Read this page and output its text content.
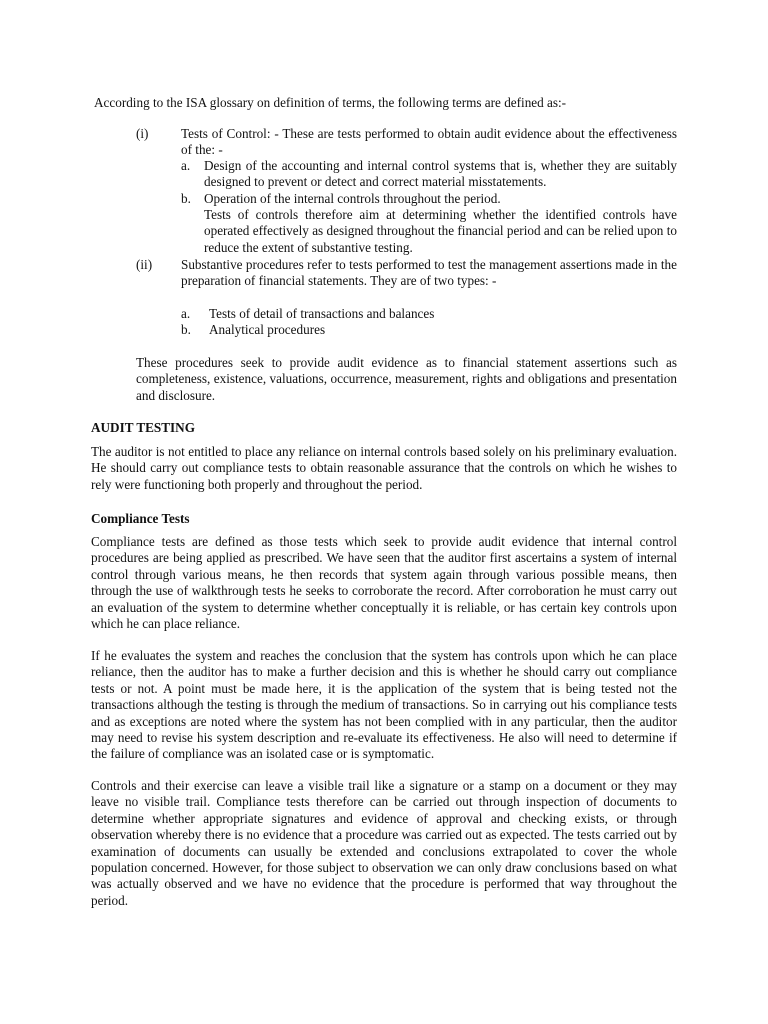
According to the ISA glossary on definition of terms, the following terms are defined as:-
(i) Tests of Control: - These are tests performed to obtain audit evidence about the effectiveness of the: -
a. Design of the accounting and internal control systems that is, whether they are suitably designed to prevent or detect and correct material misstatements.
b. Operation of the internal controls throughout the period.
Tests of controls therefore aim at determining whether the identified controls have operated effectively as designed throughout the financial period and can be relied upon to reduce the extent of substantive testing.
(ii) Substantive procedures refer to tests performed to test the management assertions made in the preparation of financial statements. They are of two types: -
a. Tests of detail of transactions and balances
b. Analytical procedures
These procedures seek to provide audit evidence as to financial statement assertions such as completeness, existence, valuations, occurrence, measurement, rights and obligations and presentation and disclosure.
AUDIT TESTING
The auditor is not entitled to place any reliance on internal controls based solely on his preliminary evaluation. He should carry out compliance tests to obtain reasonable assurance that the controls on which he wishes to rely were functioning both properly and throughout the period.
Compliance Tests
Compliance tests are defined as those tests which seek to provide audit evidence that internal control procedures are being applied as prescribed. We have seen that the auditor first ascertains a system of internal control through various means, he then records that system again through various possible means, then through the use of walkthrough tests he seeks to corroborate the record. After corroboration he must carry out an evaluation of the system to determine whether conceptually it is reliable, or has certain key controls upon which he can place reliance.
If he evaluates the system and reaches the conclusion that the system has controls upon which he can place reliance, then the auditor has to make a further decision and this is whether he should carry out compliance tests or not. A point must be made here, it is the application of the system that is being tested not the transactions although the testing is through the medium of transactions. So in carrying out his compliance tests and as exceptions are noted where the system has not been complied with in any particular, then the auditor may need to revise his system description and re-evaluate its effectiveness. He also will need to determine if the failure of compliance was an isolated case or is symptomatic.
Controls and their exercise can leave a visible trail like a signature or a stamp on a document or they may leave no visible trail. Compliance tests therefore can be carried out through inspection of documents to determine whether appropriate signatures and evidence of approval and checking exists, or through observation whereby there is no evidence that a procedure was carried out as expected. The tests carried out by examination of documents can usually be extended and conclusions extrapolated to cover the whole population concerned. However, for those subject to observation we can only draw conclusions based on what was actually observed and we have no evidence that the procedure is performed that way throughout the period.
